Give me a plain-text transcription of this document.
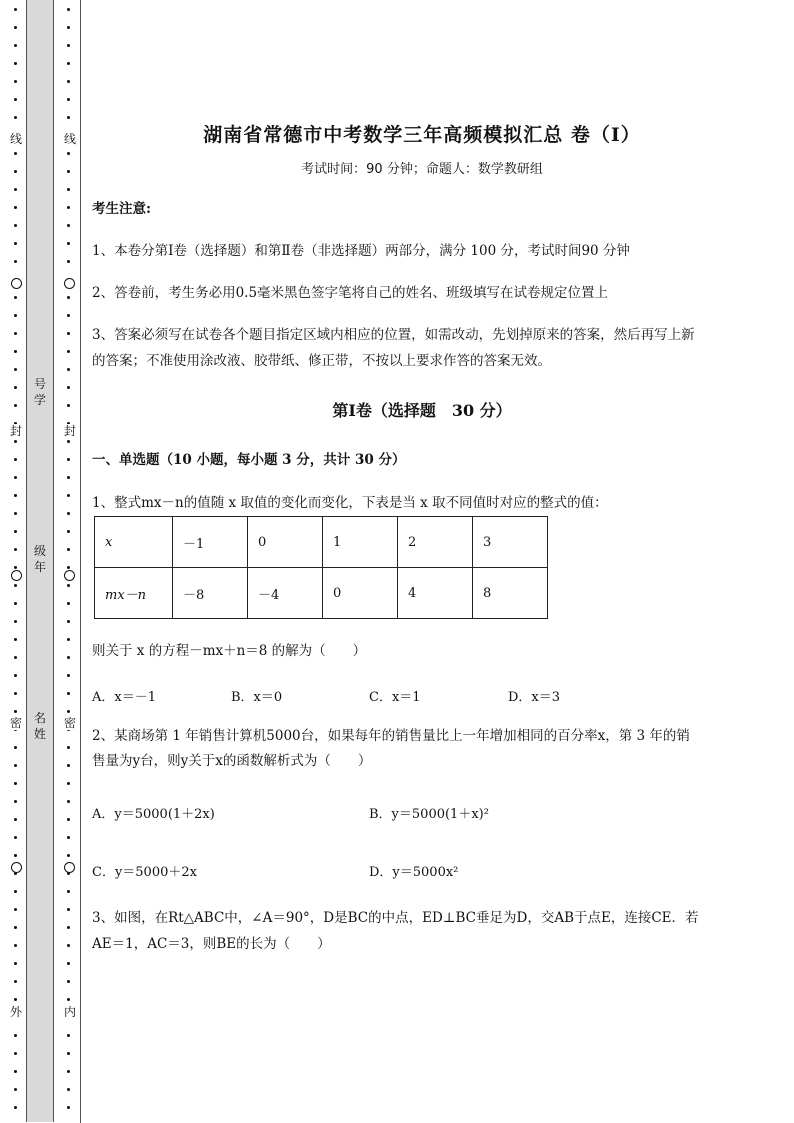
线
封
密
外
号
学
级
年
名
姓
线
封
密
内
湖南省常德市中考数学三年高频模拟汇总 卷（Ⅰ）
考试时间：90 分钟；命题人：数学教研组
考生注意:
1、本卷分第Ⅰ卷（选择题）和第Ⅱ卷（非选择题）两部分，满分 100 分，考试时间90 分钟
2、答卷前，考生务必用0.5毫米黑色签字笔将自己的姓名、班级填写在试卷规定位置上
3、答案必须写在试卷各个题目指定区域内相应的位置，如需改动，先划掉原来的答案，然后再写上新
的答案；不准使用涂改液、胶带纸、修正带，不按以上要求作答的答案无效。
第Ⅰ卷（选择题　30 分）
一、单选题（10 小题，每小题 3 分，共计 30 分）
1、整式mx－n的值随 x 取值的变化而变化，下表是当 x 取不同值时对应的整式的值：
x	－1	0	1	2	3
mx－n	－8	－4	0	4	8
则关于 x 的方程－mx＋n＝8 的解为（　　）
A．x＝－1	B．x＝0	C．x＝1	D．x＝3
2、某商场第 1 年销售计算机5000台，如果每年的销售量比上一年增加相同的百分率x，第 3 年的销
售量为y台，则y关于x的函数解析式为（　　）
A．y＝5000(1＋2x)	B．y＝5000(1＋x)²
C．y＝5000＋2x	D．y＝5000x²
3、如图，在Rt△ABC中，∠A＝90°，D是BC的中点，ED⊥BC垂足为D，交AB于点E，连接CE．若
AE＝1，AC＝3，则BE的长为（　　）
